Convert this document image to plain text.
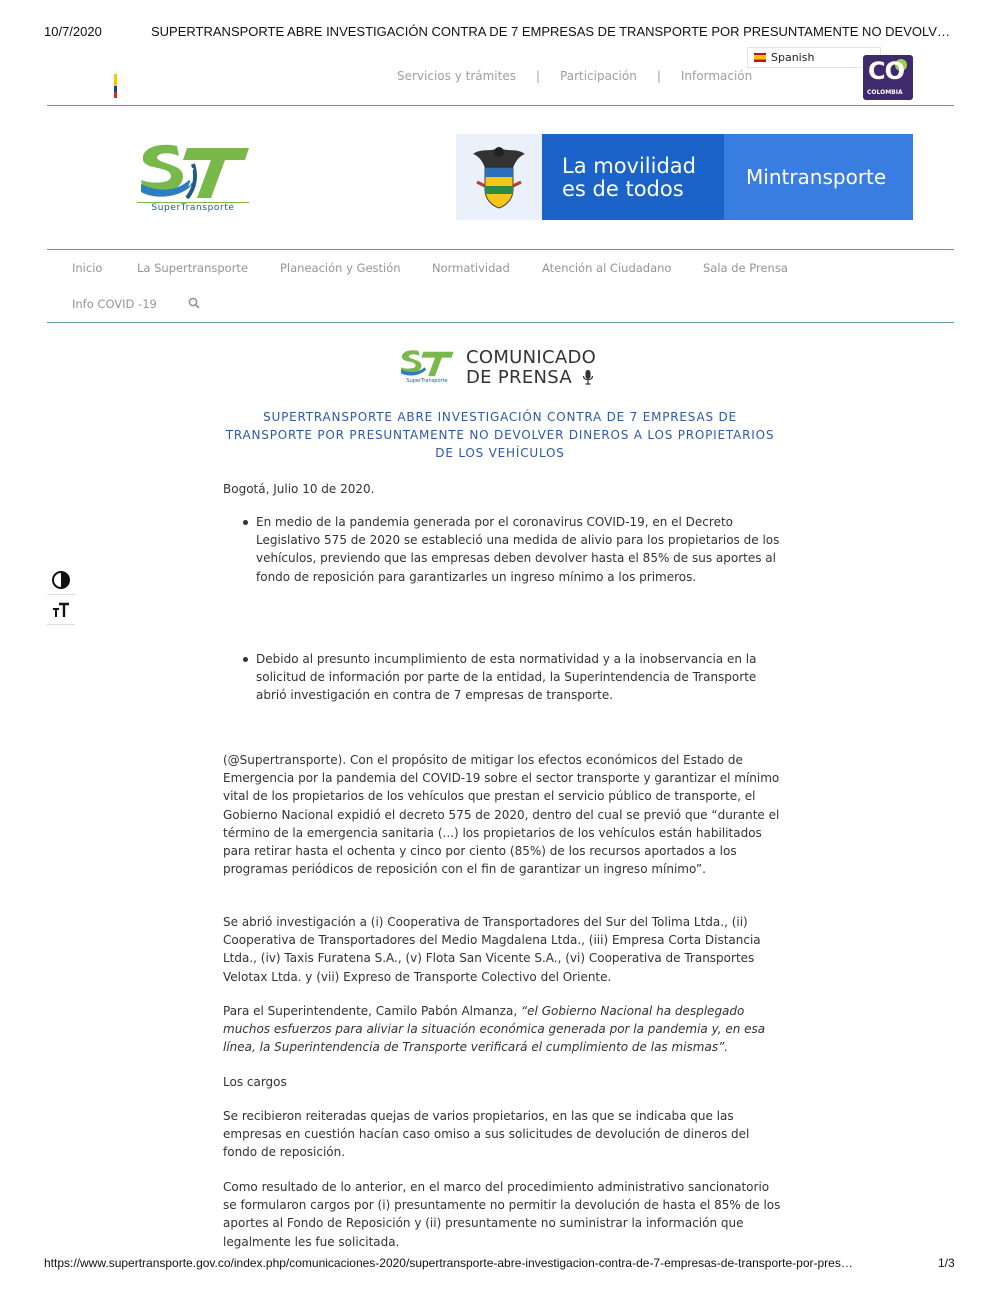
10/7/2020	SUPERTRANSPORTE ABRE INVESTIGACIÓN CONTRA DE 7 EMPRESAS DE TRANSPORTE POR PRESUNTAMENTE NO DEVOLV…
Servicios y trámites | Participación | Información
Spanish CO
COLOMBIA
SuperTransporte
La movilidad
es de todos	Mintransporte
Inicio	La Supertransporte	Planeación y Gestión	Normatividad	Atención al Ciudadano	Sala de Prensa
Info COVID -19
SuperTransporte
COMUNICADO
DE PRENSA
SUPERTRANSPORTE ABRE INVESTIGACIÓN CONTRA DE 7 EMPRESAS DE TRANSPORTE POR PRESUNTAMENTE NO DEVOLVER DINEROS A LOS PROPIETARIOS DE LOS VEHÍCULOS
Bogotá, Julio 10 de 2020.
En medio de la pandemia generada por el coronavirus COVID-19, en el Decreto Legislativo 575 de 2020 se estableció una medida de alivio para los propietarios de los vehículos, previendo que las empresas deben devolver hasta el 85% de sus aportes al fondo de reposición para garantizarles un ingreso mínimo a los primeros.
Debido al presunto incumplimiento de esta normatividad y a la inobservancia en la solicitud de información por parte de la entidad, la Superintendencia de Transporte abrió investigación en contra de 7 empresas de transporte.
(@Supertransporte). Con el propósito de mitigar los efectos económicos del Estado de Emergencia por la pandemia del COVID-19 sobre el sector transporte y garantizar el mínimo vital de los propietarios de los vehículos que prestan el servicio público de transporte, el Gobierno Nacional expidió el decreto 575 de 2020, dentro del cual se previó que “durante el término de la emergencia sanitaria (...) los propietarios de los vehículos están habilitados para retirar hasta el ochenta y cinco por ciento (85%) de los recursos aportados a los programas periódicos de reposición con el fin de garantizar un ingreso mínimo”.
Se abrió investigación a (i) Cooperativa de Transportadores del Sur del Tolima Ltda., (ii) Cooperativa de Transportadores del Medio Magdalena Ltda., (iii) Empresa Corta Distancia Ltda., (iv) Taxis Furatena S.A., (v) Flota San Vicente S.A., (vi) Cooperativa de Transportes Velotax Ltda. y (vii) Expreso de Transporte Colectivo del Oriente.
Para el Superintendente, Camilo Pabón Almanza, “el Gobierno Nacional ha desplegado muchos esfuerzos para aliviar la situación económica generada por la pandemia y, en esa línea, la Superintendencia de Transporte verificará el cumplimiento de las mismas”.
Los cargos
Se recibieron reiteradas quejas de varios propietarios, en las que se indicaba que las empresas en cuestión hacían caso omiso a sus solicitudes de devolución de dineros del fondo de reposición.
Como resultado de lo anterior, en el marco del procedimiento administrativo sancionatorio se formularon cargos por (i) presuntamente no permitir la devolución de hasta el 85% de los aportes al Fondo de Reposición y (ii) presuntamente no suministrar la información que legalmente les fue solicitada.
https://www.supertransporte.gov.co/index.php/comunicaciones-2020/supertransporte-abre-investigacion-contra-de-7-empresas-de-transporte-por-pres…	1/3
